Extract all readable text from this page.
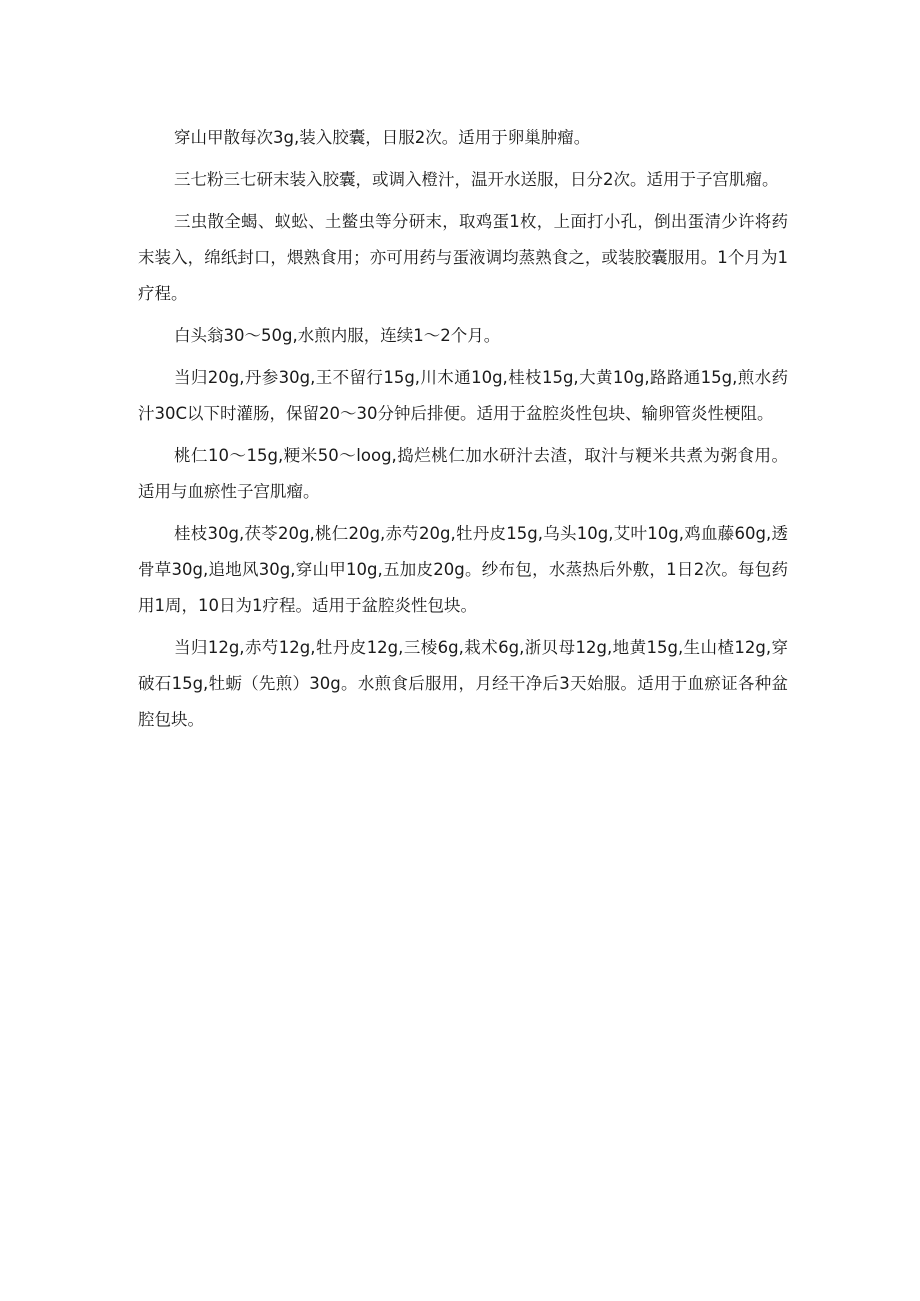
穿山甲散每次3g,装入胶囊，日服2次。适用于卵巢肿瘤。

三七粉三七研末装入胶囊，或调入橙汁，温开水送服，日分2次。适用于子宫肌瘤。

三虫散全蝎、蚁蚣、土鳖虫等分研末，取鸡蛋1枚，上面打小孔，倒出蛋清少许将药末装入，绵纸封口，煨熟食用；亦可用药与蛋液调均蒸熟食之，或装胶囊服用。1个月为1疗程。

白头翁30～50g,水煎内服，连续1～2个月。

当归20g,丹参30g,王不留行15g,川木通10g,桂枝15g,大黄10g,路路通15g,煎水药汁30C以下时灌肠，保留20～30分钟后排便。适用于盆腔炎性包块、输卵管炎性梗阻。

桃仁10～15g,粳米50～loog,捣烂桃仁加水研汁去渣，取汁与粳米共煮为粥食用。适用与血瘀性子宫肌瘤。

桂枝30g,茯苓20g,桃仁20g,赤芍20g,牡丹皮15g,乌头10g,艾叶10g,鸡血藤60g,透骨草30g,追地风30g,穿山甲10g,五加皮20g。纱布包，水蒸热后外敷，1日2次。每包药用1周，10日为1疗程。适用于盆腔炎性包块。

当归12g,赤芍12g,牡丹皮12g,三棱6g,栽术6g,浙贝母12g,地黄15g,生山楂12g,穿破石15g,牡蛎（先煎）30g。水煎食后服用，月经干净后3天始服。适用于血瘀证各种盆腔包块。
